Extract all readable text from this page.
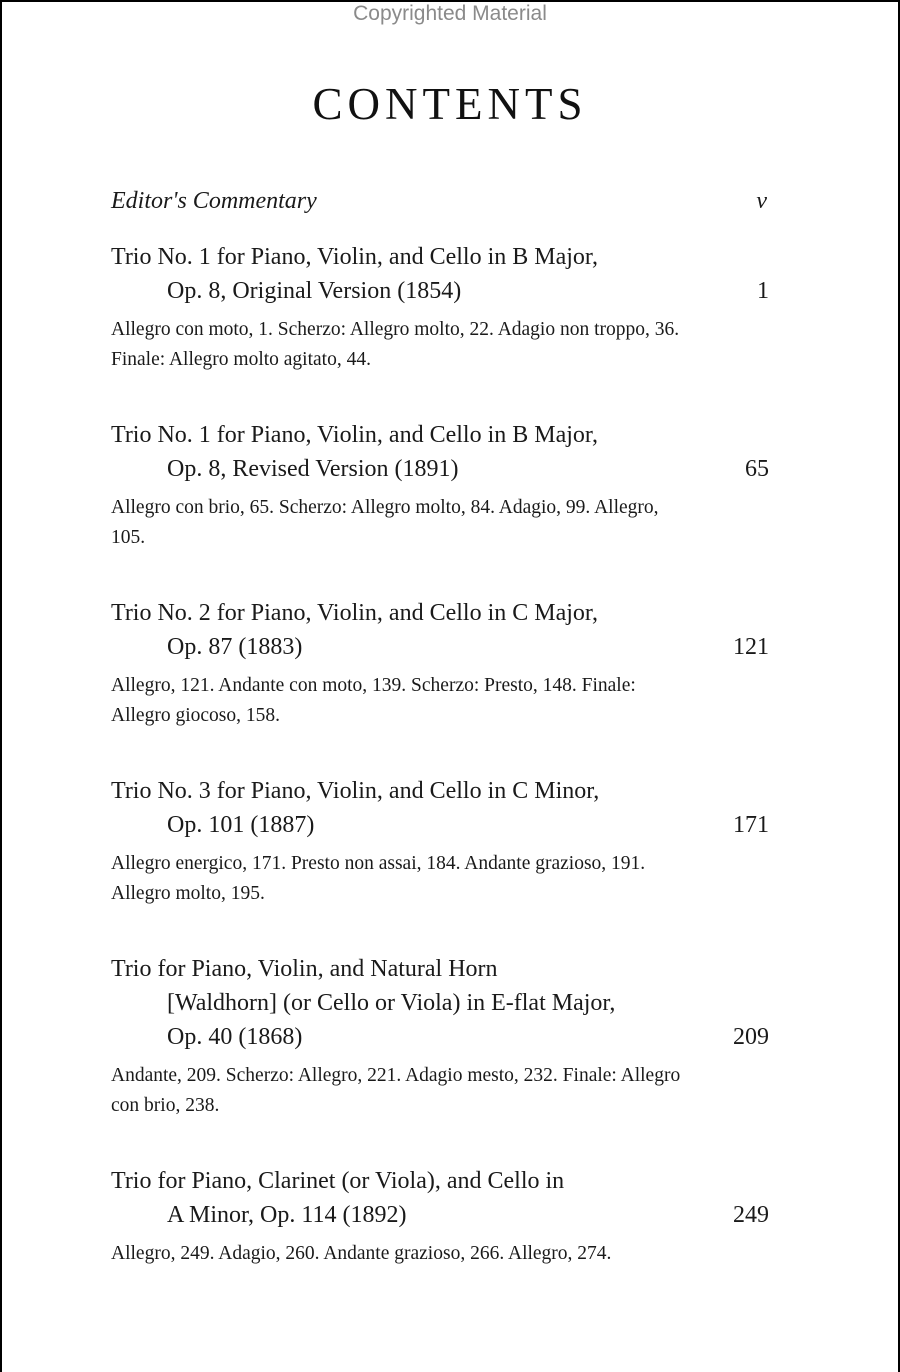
Copyrighted Material
CONTENTS
Editor's Commentary	v
Trio No. 1 for Piano, Violin, and Cello in B Major,
Op. 8, Original Version (1854)	1
Allegro con moto, 1. Scherzo: Allegro molto, 22. Adagio non troppo, 36. Finale: Allegro molto agitato, 44.
Trio No. 1 for Piano, Violin, and Cello in B Major,
Op. 8, Revised Version (1891)	65
Allegro con brio, 65. Scherzo: Allegro molto, 84. Adagio, 99. Allegro, 105.
Trio No. 2 for Piano, Violin, and Cello in C Major,
Op. 87 (1883)	121
Allegro, 121. Andante con moto, 139. Scherzo: Presto, 148. Finale: Allegro giocoso, 158.
Trio No. 3 for Piano, Violin, and Cello in C Minor,
Op. 101 (1887)	171
Allegro energico, 171. Presto non assai, 184. Andante grazioso, 191. Allegro molto, 195.
Trio for Piano, Violin, and Natural Horn
[Waldhorn] (or Cello or Viola) in E-flat Major,
Op. 40 (1868)	209
Andante, 209. Scherzo: Allegro, 221. Adagio mesto, 232. Finale: Allegro con brio, 238.
Trio for Piano, Clarinet (or Viola), and Cello in
A Minor, Op. 114 (1892)	249
Allegro, 249. Adagio, 260. Andante grazioso, 266. Allegro, 274.
